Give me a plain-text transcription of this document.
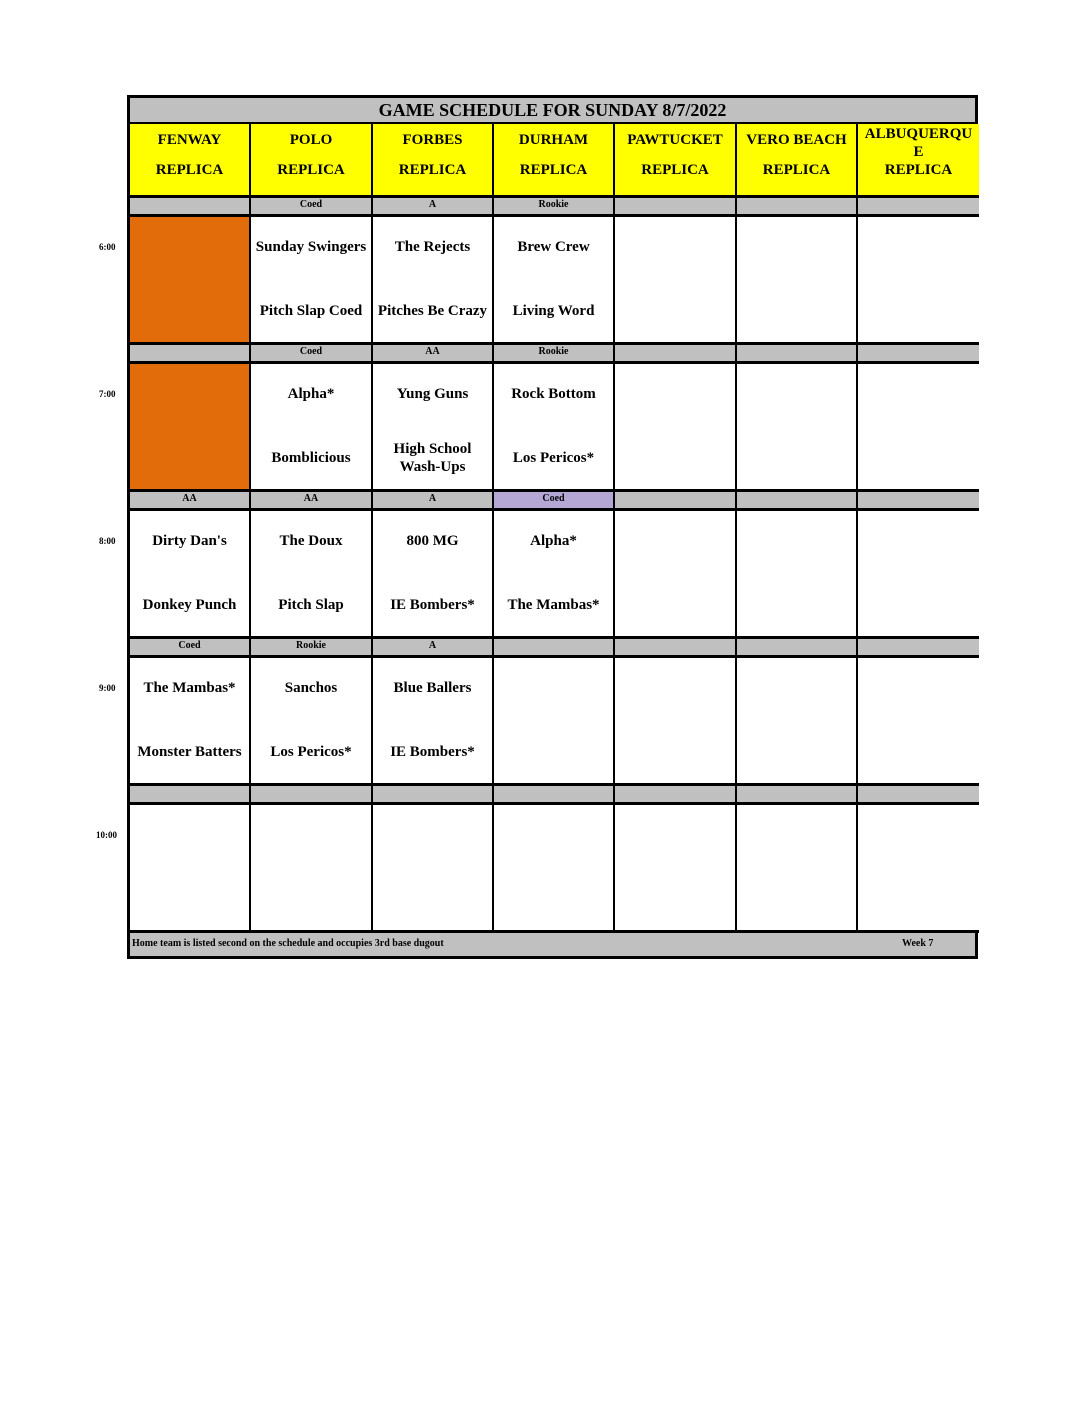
GAME SCHEDULE FOR SUNDAY 8/7/2022
FENWAY
REPLICA
POLO
REPLICA
FORBES
REPLICA
DURHAM
REPLICA
PAWTUCKET
REPLICA
VERO BEACH
REPLICA
ALBUQUERQU E
REPLICA
Coed
Sunday Swingers
Pitch Slap Coed
A
The Rejects
Pitches Be Crazy
Rookie
Brew Crew
Living Word
Coed
Alpha*
Bomblicious
AA
Yung Guns
High School Wash-Ups
Rookie
Rock Bottom
Los Pericos*
AA
Dirty Dan's
Donkey Punch
AA
The Doux
Pitch Slap
A
800 MG
IE Bombers*
Coed
Alpha*
The Mambas*
Coed
The Mambas*
Monster Batters
Rookie
Sanchos
Los Pericos*
A
Blue Ballers
IE Bombers*
Home team is listed second on the schedule and occupies 3rd base dugout	Week 7
6:00
7:00
8:00
9:00
10:00
